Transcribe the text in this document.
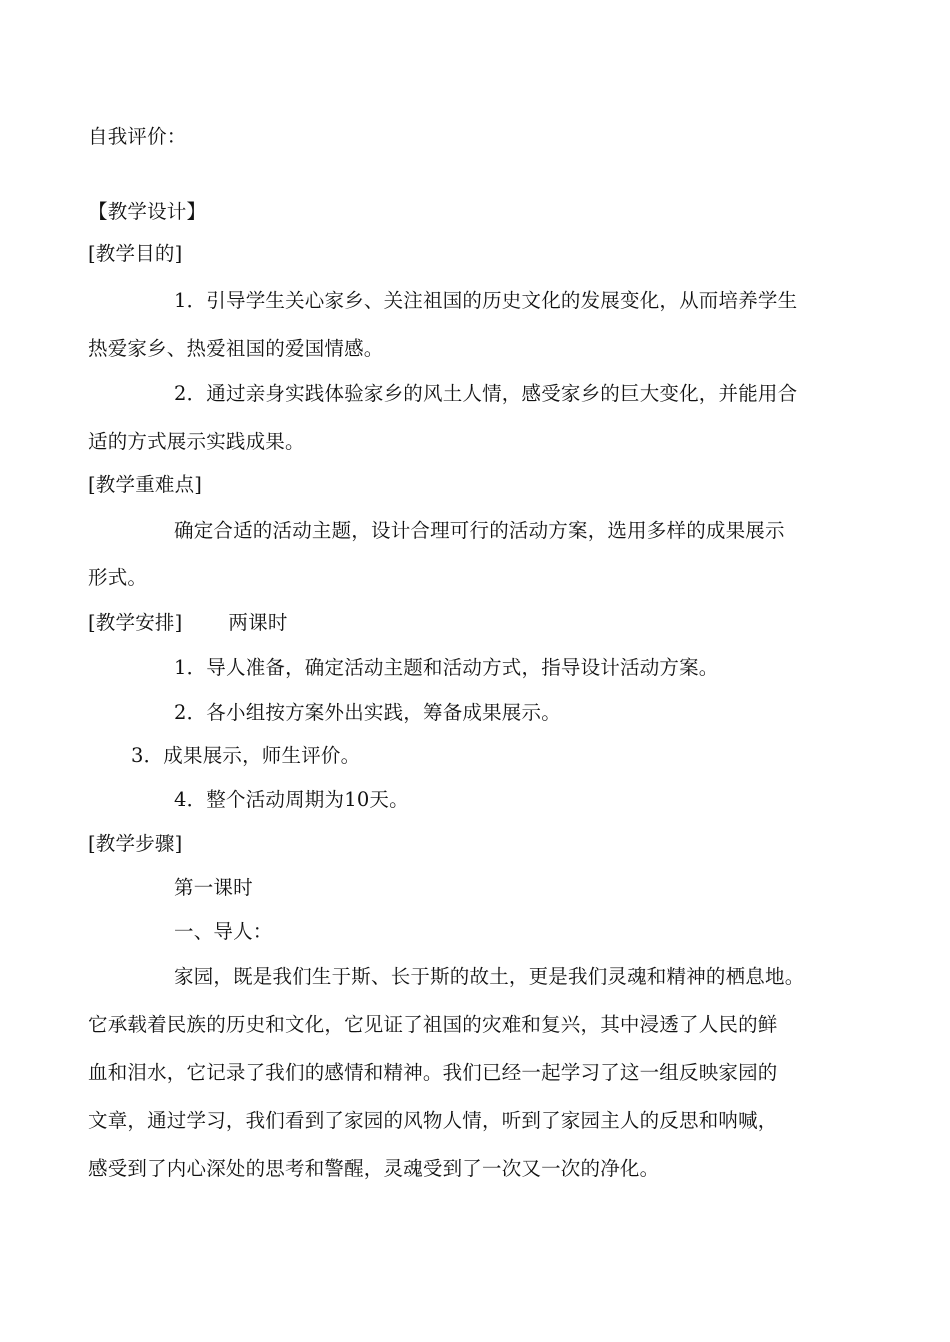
自我评价：
【教学设计】
[教学目的]
1．引导学生关心家乡、关注祖国的历史文化的发展变化，从而培养学生
热爱家乡、热爱祖国的爱国情感。
2．通过亲身实践体验家乡的风土人情，感受家乡的巨大变化，并能用合
适的方式展示实践成果。
[教学重难点]
确定合适的活动主题，设计合理可行的活动方案，选用多样的成果展示
形式。
[教学安排] 两课时
1．导人准备，确定活动主题和活动方式，指导设计活动方案。
2．各小组按方案外出实践，筹备成果展示。
3．成果展示，师生评价。
4．整个活动周期为10天。
[教学步骤]
第一课时
一、导人：
家园，既是我们生于斯、长于斯的故土，更是我们灵魂和精神的栖息地。
它承载着民族的历史和文化，它见证了祖国的灾难和复兴，其中浸透了人民的鲜
血和泪水，它记录了我们的感情和精神。我们已经一起学习了这一组反映家园的
文章，通过学习，我们看到了家园的风物人情，听到了家园主人的反思和呐喊，
感受到了内心深处的思考和警醒，灵魂受到了一次又一次的净化。
